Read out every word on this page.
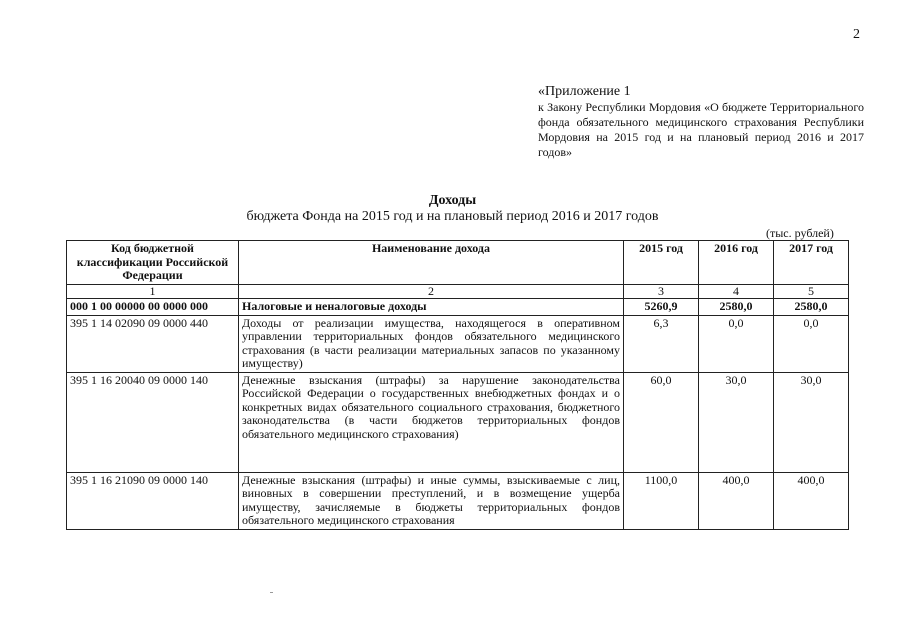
2
«Приложение 1
к Закону Республики Мордовия «О бюджете Территориального фонда обязательного медицинского страхования Республики Мордовия на 2015 год и на плановый период 2016 и 2017 годов»
Доходы
бюджета Фонда на 2015 год и на плановый период 2016 и 2017 годов
(тыс. рублей)
Код бюджетной классификации Российской Федерации	Наименование дохода	2015 год	2016 год	2017 год
1	2	3	4	5
000 1 00 00000 00 0000 000	Налоговые и неналоговые доходы	5260,9	2580,0	2580,0
395 1 14 02090 09 0000 440	Доходы от реализации имущества, находящегося в оперативном управлении территориальных фондов обязательного медицинского страхования (в части реализации материальных запасов по указанному имуществу)	6,3	0,0	0,0
395 1 16 20040 09 0000 140	Денежные взыскания (штрафы) за нарушение законодательства Российской Федерации о государственных внебюджетных фондах и о конкретных видах обязательного социального страхования, бюджетного законодательства (в части бюджетов территориальных фондов обязательного медицинского страхования)	60,0	30,0	30,0
395 1 16 21090 09 0000 140	Денежные взыскания (штрафы) и иные суммы, взыскиваемые с лиц, виновных в совершении преступлений, и в возмещение ущерба имуществу, зачисляемые в бюджеты территориальных фондов обязательного медицинского страхования	1100,0	400,0	400,0
